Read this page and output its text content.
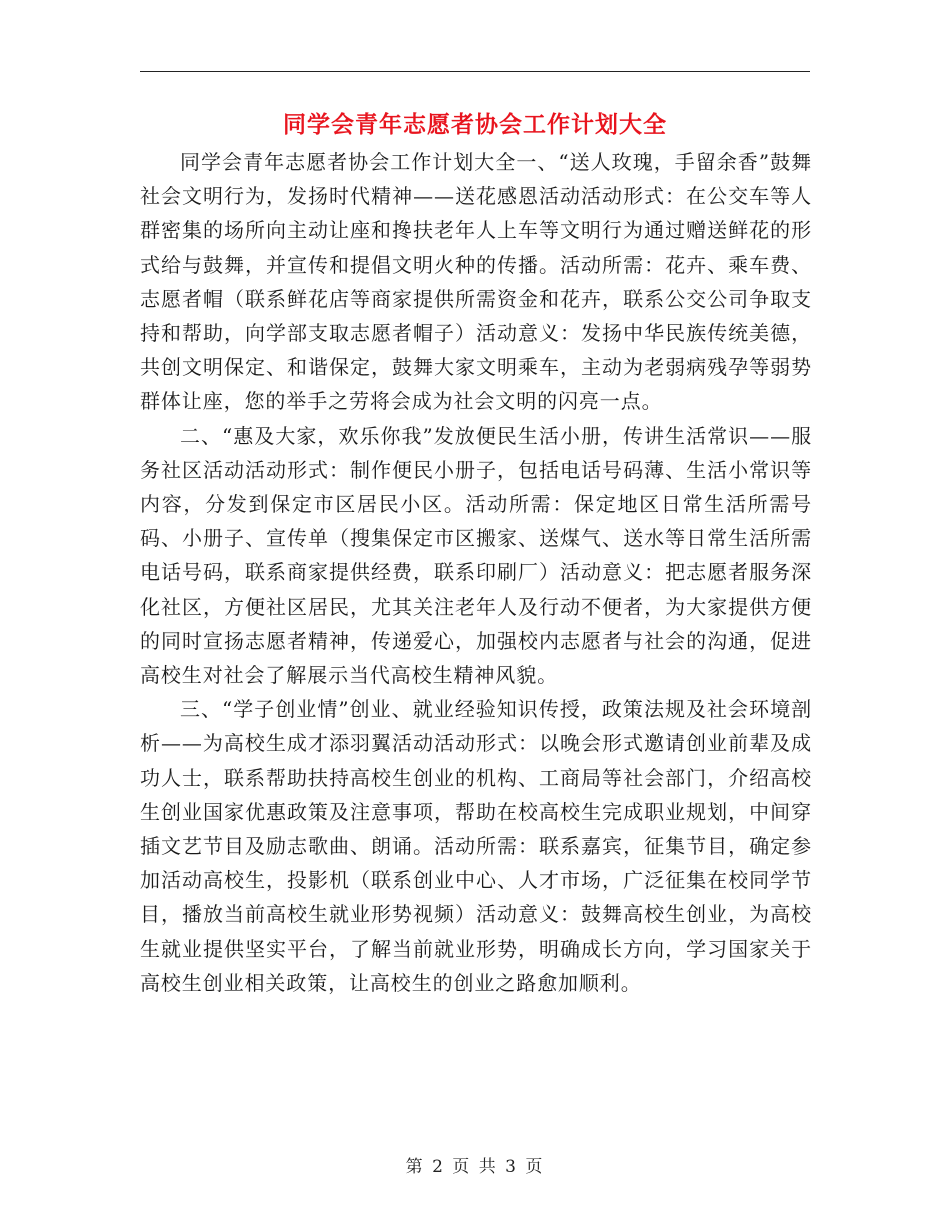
同学会青年志愿者协会工作计划大全

同学会青年志愿者协会工作计划大全一、“送人玫瑰，手留余香”鼓舞社会文明行为，发扬时代精神——送花感恩活动活动形式：在公交车等人群密集的场所向主动让座和搀扶老年人上车等文明行为通过赠送鲜花的形式给与鼓舞，并宣传和提倡文明火种的传播。活动所需：花卉、乘车费、志愿者帽（联系鲜花店等商家提供所需资金和花卉，联系公交公司争取支持和帮助，向学部支取志愿者帽子）活动意义：发扬中华民族传统美德，共创文明保定、和谐保定，鼓舞大家文明乘车，主动为老弱病残孕等弱势群体让座，您的举手之劳将会成为社会文明的闪亮一点。

二、“惠及大家，欢乐你我”发放便民生活小册，传讲生活常识——服务社区活动活动形式：制作便民小册子，包括电话号码薄、生活小常识等内容，分发到保定市区居民小区。活动所需：保定地区日常生活所需号码、小册子、宣传单（搜集保定市区搬家、送煤气、送水等日常生活所需电话号码，联系商家提供经费，联系印刷厂）活动意义：把志愿者服务深化社区，方便社区居民，尤其关注老年人及行动不便者，为大家提供方便的同时宣扬志愿者精神，传递爱心，加强校内志愿者与社会的沟通，促进高校生对社会了解展示当代高校生精神风貌。

三、“学子创业情”创业、就业经验知识传授，政策法规及社会环境剖析——为高校生成才添羽翼活动活动形式：以晚会形式邀请创业前辈及成功人士，联系帮助扶持高校生创业的机构、工商局等社会部门，介绍高校生创业国家优惠政策及注意事项，帮助在校高校生完成职业规划，中间穿插文艺节目及励志歌曲、朗诵。活动所需：联系嘉宾，征集节目，确定参加活动高校生，投影机（联系创业中心、人才市场，广泛征集在校同学节目，播放当前高校生就业形势视频）活动意义：鼓舞高校生创业，为高校生就业提供坚实平台，了解当前就业形势，明确成长方向，学习国家关于高校生创业相关政策，让高校生的创业之路愈加顺利。

第 2 页 共 3 页
